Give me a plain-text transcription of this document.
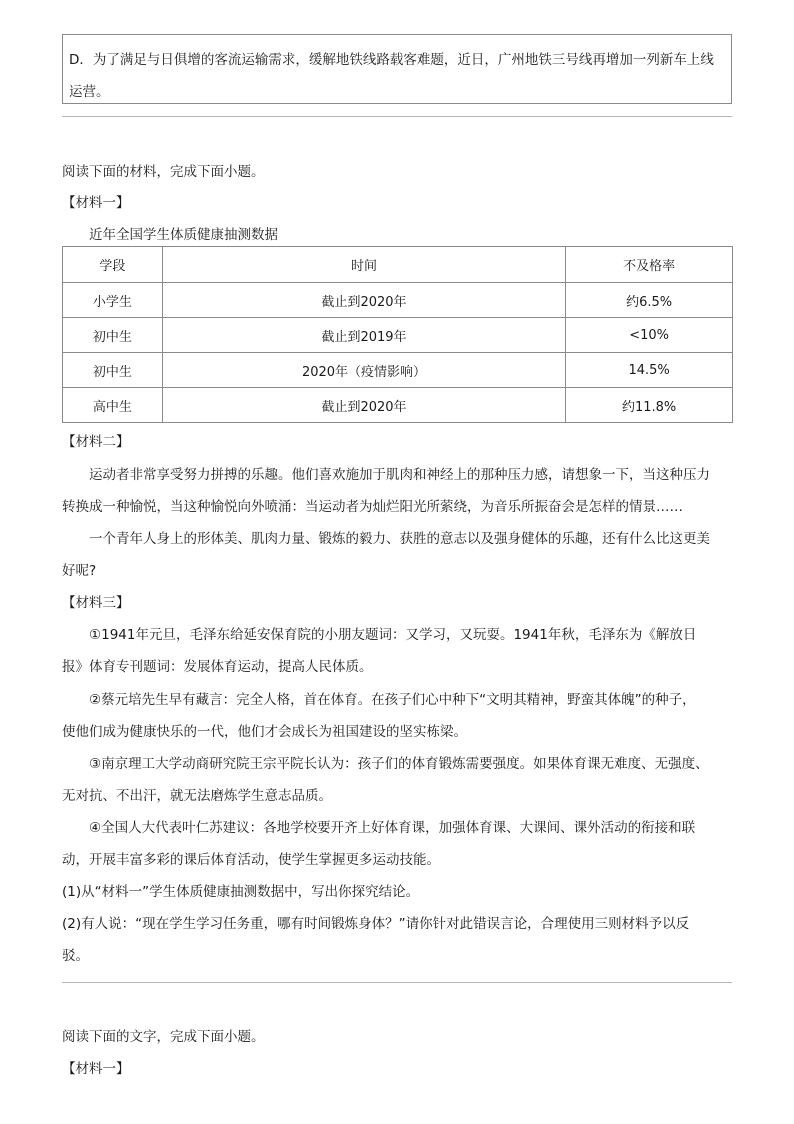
D．为了满足与日俱增的客流运输需求，缓解地铁线路载客难题，近日，广州地铁三号线再增加一列新车上线

运营。

阅读下面的材料，完成下面小题。
【材料一】
近年全国学生体质健康抽测数据
学段	时间	不及格率
小学生	截止到2020年	约6.5%
初中生	截止到2019年	<10%
初中生	2020年（疫情影响）	14.5%
高中生	截止到2020年	约11.8%
【材料二】
运动者非常享受努力拼搏的乐趣。他们喜欢施加于肌肉和神经上的那种压力感，请想象一下，当这种压力
转换成一种愉悦，当这种愉悦向外喷涌：当运动者为灿烂阳光所萦绕，为音乐所振奋会是怎样的情景……
一个青年人身上的形体美、肌肉力量、锻炼的毅力、获胜的意志以及强身健体的乐趣，还有什么比这更美
好呢?
【材料三】
①1941年元旦，毛泽东给延安保育院的小朋友题词：又学习，又玩耍。1941年秋，毛泽东为《解放日
报》体育专刊题词：发展体育运动，提高人民体质。
②蔡元培先生早有藏言：完全人格，首在体育。在孩子们心中种下“文明其精神，野蛮其体魄”的种子，
使他们成为健康快乐的一代，他们才会成长为祖国建设的坚实栋梁。
③南京理工大学动商研究院王宗平院长认为：孩子们的体育锻炼需要强度。如果体育课无难度、无强度、
无对抗、不出汗，就无法磨炼学生意志品质。
④全国人大代表叶仁苏建议：各地学校要开齐上好体育课，加强体育课、大课间、课外活动的衔接和联
动，开展丰富多彩的课后体育活动，使学生掌握更多运动技能。
(1)从“材料一”学生体质健康抽测数据中，写出你探究结论。
(2)有人说：“现在学生学习任务重，哪有时间锻炼身体？”请你针对此错误言论，合理使用三则材料予以反
驳。
阅读下面的文字，完成下面小题。
【材料一】
